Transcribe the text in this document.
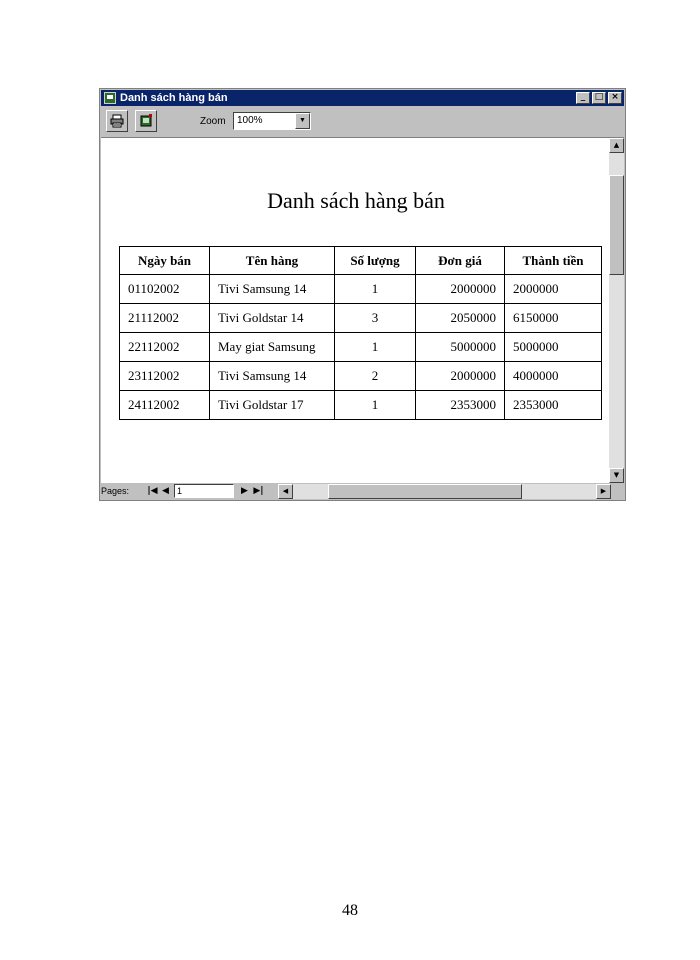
Danh sách hàng bán	_	□ ×
Zoom	100%	▼
Danh sách hàng bán
Ngày bán	Tên hàng	Số lượng	Đơn giá	Thành tiền
01102002	Tivi Samsung 14	1	2000000	2000000
21112002	Tivi Goldstar 14	3	2050000	6150000
22112002	May giat Samsung	1	5000000	5000000
23112002	Tivi Samsung 14	2	2000000	4000000
24112002	Tivi Goldstar 17	1	2353000	2353000
▲
▼
Pages: |◀ ◀ 1	▶ ▶|	◀	▶
48
